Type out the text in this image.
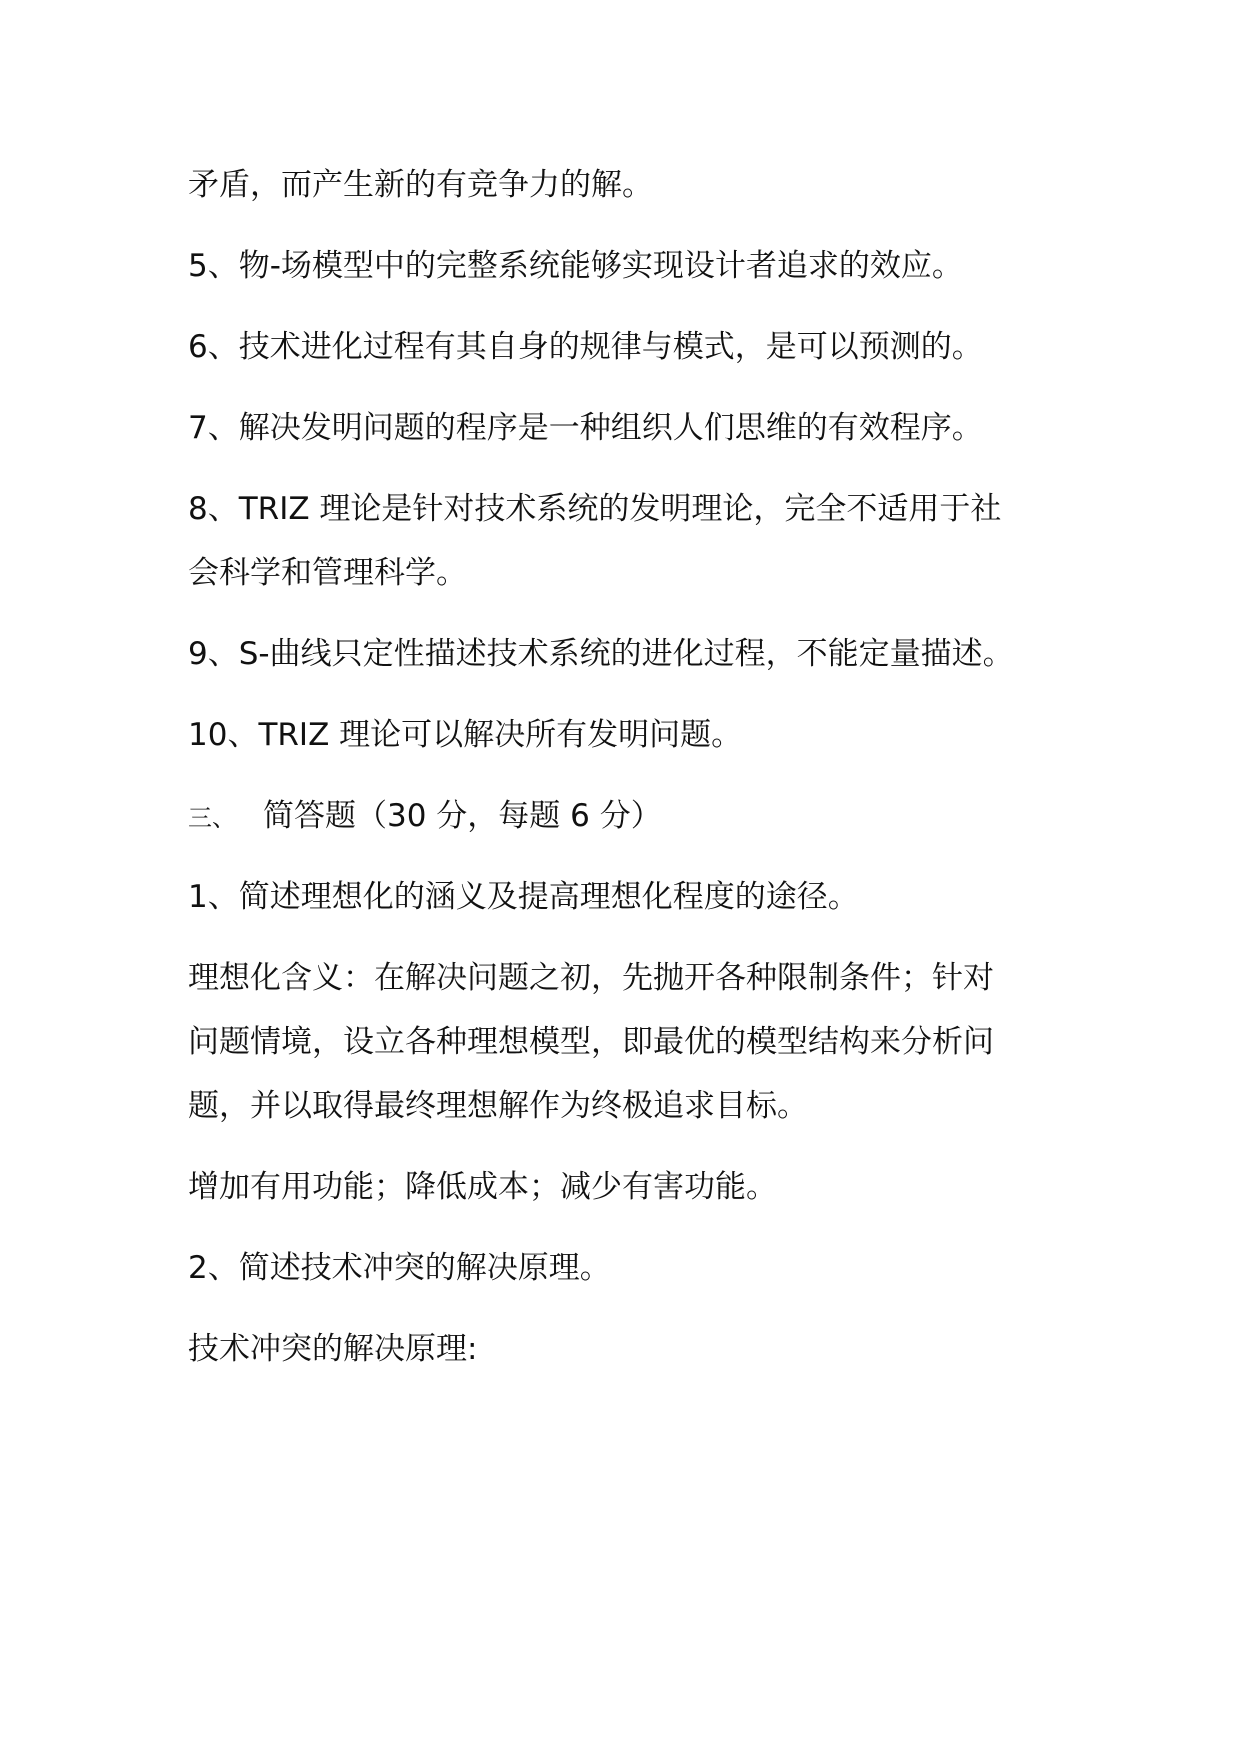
矛盾，而产生新的有竞争力的解。

5、物-场模型中的完整系统能够实现设计者追求的效应。

6、技术进化过程有其自身的规律与模式，是可以预测的。

7、解决发明问题的程序是一种组织人们思维的有效程序。

8、TRIZ 理论是针对技术系统的发明理论，完全不适用于社

会科学和管理科学。

9、S-曲线只定性描述技术系统的进化过程，不能定量描述。

10、TRIZ 理论可以解决所有发明问题。

三、 简答题（30 分，每题 6 分）

1、简述理想化的涵义及提高理想化程度的途径。

理想化含义：在解决问题之初，先抛开各种限制条件；针对

问题情境，设立各种理想模型，即最优的模型结构来分析问

题，并以取得最终理想解作为终极追求目标。

增加有用功能；降低成本；减少有害功能。

2、简述技术冲突的解决原理。

技术冲突的解决原理:
